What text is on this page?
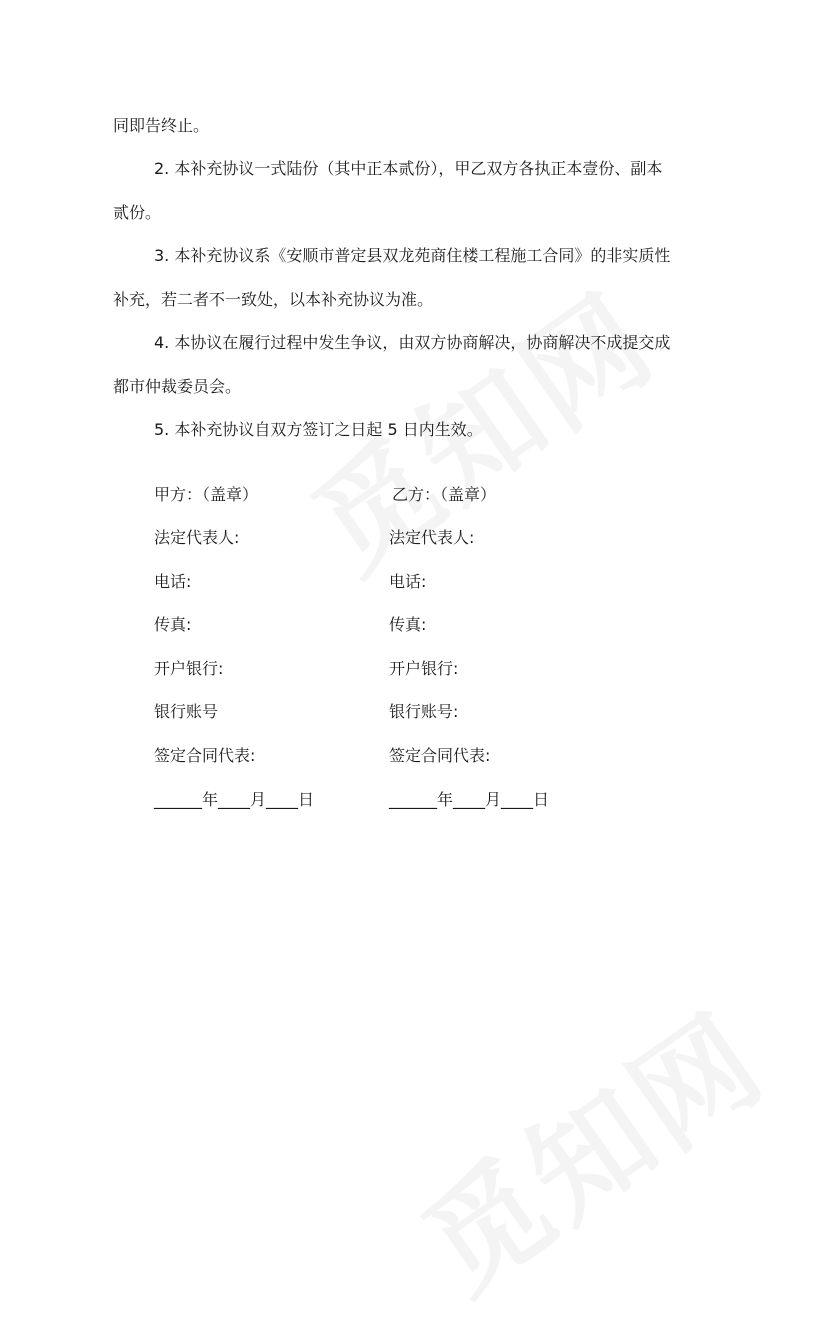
同即告终止。
2. 本补充协议一式陆份（其中正本贰份），甲乙双方各执正本壹份、副本
贰份。
3. 本补充协议系《安顺市普定县双龙苑商住楼工程施工合同》的非实质性
补充，若二者不一致处，以本补充协议为准。
4. 本协议在履行过程中发生争议，由双方协商解决，协商解决不成提交成
都市仲裁委员会。
5. 本补充协议自双方签订之日起 5 日内生效。
甲方：（盖章）
法定代表人:
电话:
传真:
开户银行:
银行账号
签定合同代表:
______年____月____日
乙方：（盖章）
法定代表人:
电话:
传真:
开户银行:
银行账号:
签定合同代表:
______年____月____日
